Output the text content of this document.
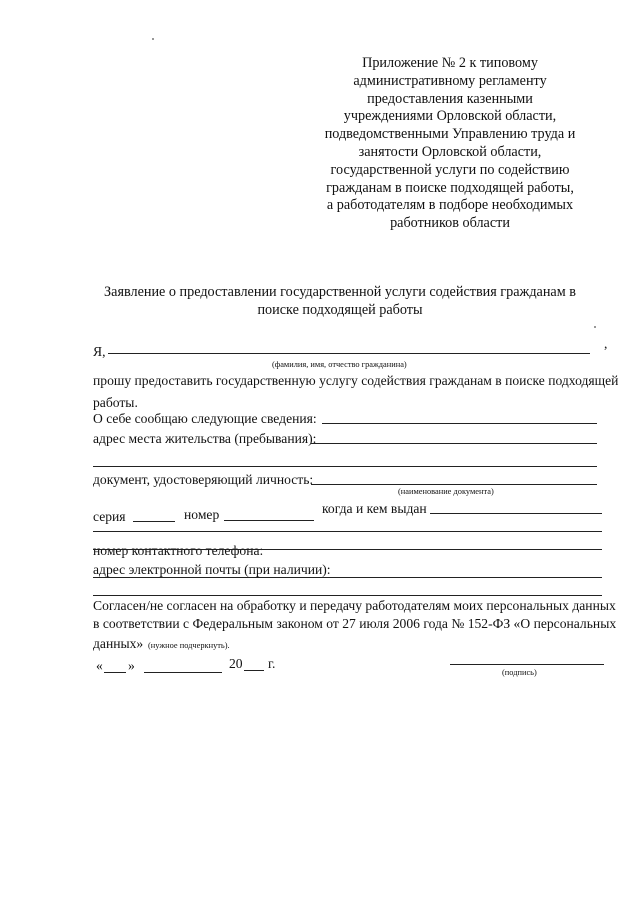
Приложение № 2 к типовому
административному регламенту
предоставления казенными
учреждениями Орловской области,
подведомственными Управлению труда и
занятости Орловской области,
государственной услуги по содействию
гражданам в поиске подходящей работы,
а работодателям в подборе необходимых
работников области
Заявление о предоставлении государственной услуги содействия гражданам в
поиске подходящей работы
Я,
,
(фамилия, имя, отчество гражданина)
прошу предоставить государственную услугу содействия гражданам в поиске подходящей
работы.
О себе сообщаю следующие сведения:
адрес места жительства (пребывания):
документ, удостоверяющий личность:
(наименование документа)
серия	номер	когда и кем выдан
номер контактного телефона:
адрес электронной почты (при наличии):
Согласен/не согласен на обработку и передачу работодателям моих персональных данных
в соответствии с Федеральным законом от 27 июля 2006 года № 152-ФЗ «О персональных
данных» (нужное подчеркнуть).
« »	20 г.
(подпись)
